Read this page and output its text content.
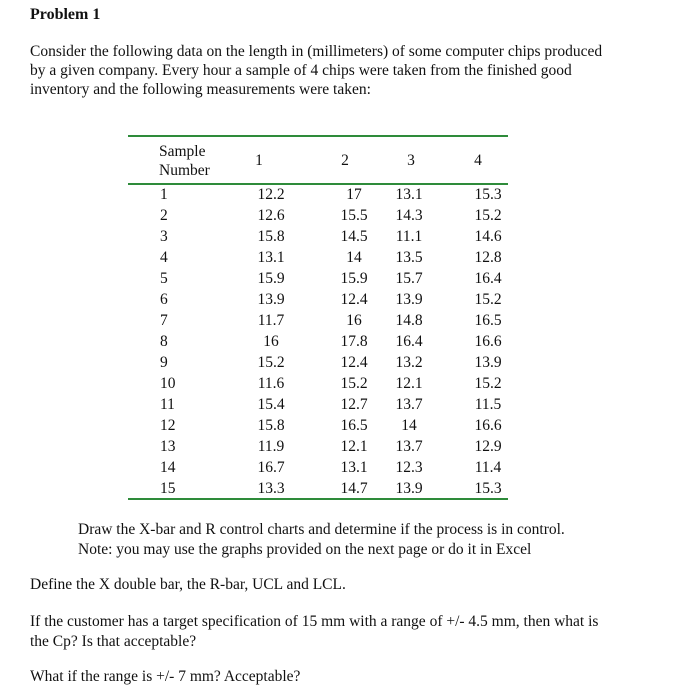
Problem 1
Consider the following data on the length in (millimeters) of some computer chips produced
by a given company. Every hour a sample of 4 chips were taken from the finished good
inventory and the following measurements were taken:
Sample
Number
1	2	3	4
1	12.2	17	13.1	15.3
2	12.6	15.5	14.3	15.2
3	15.8	14.5	11.1	14.6
4	13.1	14	13.5	12.8
5	15.9	15.9	15.7	16.4
6	13.9	12.4	13.9	15.2
7	11.7	16	14.8	16.5
8	16	17.8	16.4	16.6
9	15.2	12.4	13.2	13.9
10	11.6	15.2	12.1	15.2
11	15.4	12.7	13.7	11.5
12	15.8	16.5	14	16.6
13	11.9	12.1	13.7	12.9
14	16.7	13.1	12.3	11.4
15	13.3	14.7	13.9	15.3
Draw the X-bar and R control charts and determine if the process is in control.
Note: you may use the graphs provided on the next page or do it in Excel
Define the X double bar, the R-bar, UCL and LCL.
If the customer has a target specification of 15 mm with a range of +/- 4.5 mm, then what is
the Cp? Is that acceptable?
What if the range is +/- 7 mm? Acceptable?
